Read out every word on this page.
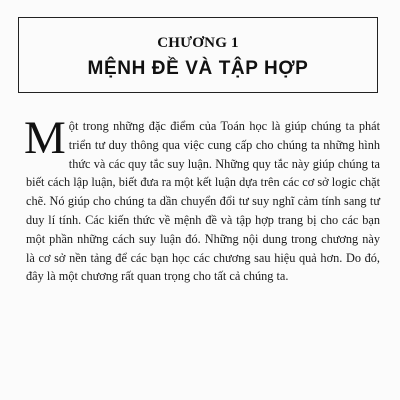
CHƯƠNG 1
MỆNH ĐỀ VÀ TẬP HỢP
Một trong những đặc điểm của Toán học là giúp chúng ta phát triển tư duy thông qua việc cung cấp cho chúng ta những hình thức và các quy tắc suy luận. Những quy tắc này giúp chúng ta biết cách lập luận, biết đưa ra một kết luận dựa trên các cơ sở logic chặt chẽ. Nó giúp cho chúng ta dần chuyển đổi tư suy nghĩ cảm tính sang tư duy lí tính. Các kiến thức về mệnh đề và tập hợp trang bị cho các bạn một phần những cách suy luận đó. Những nội dung trong chương này là cơ sở nền tảng để các bạn học các chương sau hiệu quả hơn. Do đó, đây là một chương rất quan trọng cho tất cả chúng ta.
